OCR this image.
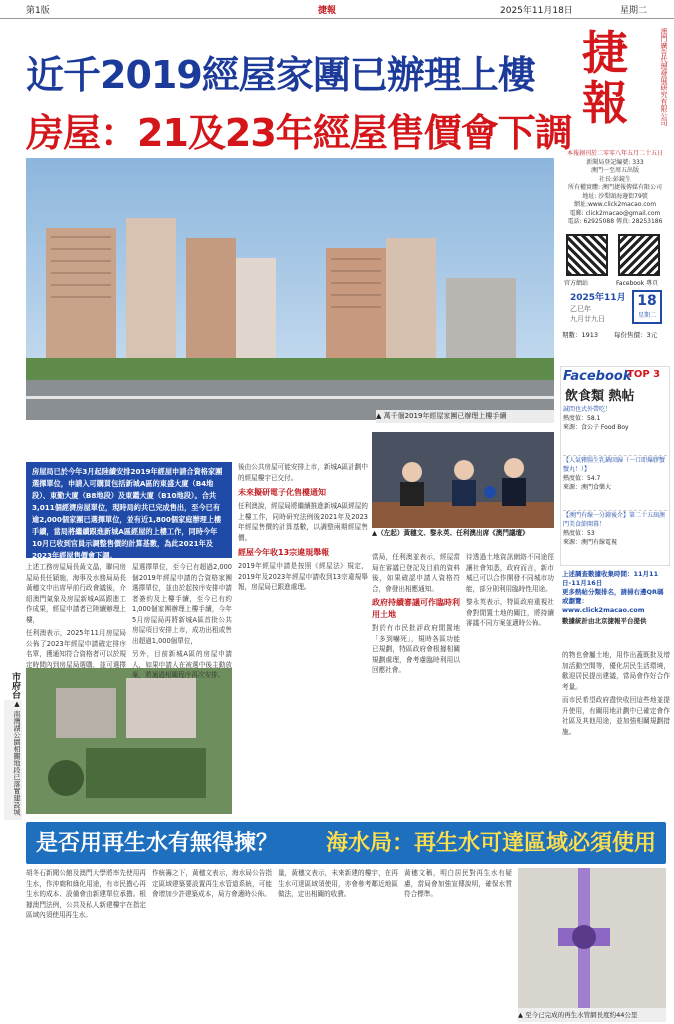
第1版	捷報	2025年11月18日	星期二
近千2019經屋家團已辦理上樓
房屋：21及23年經屋售價會下調
捷報	澳門廣告代理發展研究有限公司
本報創刊於二零零八年五月二十五日
新聞局登記編號: 333
澳門一至周五出版
社長:彭鏡生
所有權實體: 澳門捷報傳媒有限公司
地址: 沙梨頭海邊街79號
網址:www.click2macao.com
電郵: click2macao@gmail.com
電話: 62925088 傳真: 28253186
官方網站	Facebook 專頁
2025年11月
乙巳年
九月廿九日
18
星期二
期數：1913 每份售價：3元
▲ 萬千個2019年經屋家團已辦理上樓手續
房屋局已於今年3月起陸續安排2019年經屋申請合資格家團選擇單位，申請入可購買包括新城A區的東盛大廈（B4地段）、東勤大廈（B8地段）及東鑑大廈（B10地段）。合共3,011個經濟房屋單位，現時局約共已完成售出，至今已有逾2,000個家團已選擇單位，並有近1,800個家庭辦理上樓手續，當局將繼續跟進新城A區經屋的上樓工作，同時今年10月已收到官員示調整售價的計算基數，為此2021年及2023年經屋售價會下調。

上述工務房屋局長黃文晶，聯同房屋局長任穎施，海事及水務局局長黃穗文申出席早前行政會議後，介紹澳門氣象及房屋新城A區跟進工作成果，經屋申請者已陸續辦理上樓，

任利澳表示，2025年11月房屋局公佈了2023年經屋申請確定排序名單，獲通知符合資格者可以於規定時間內到房屋局選購，並可選擇

市府台
▲ 南灣湖公園相關地段已落實建設城

屋選擇單位，至今已有超過2,000個2019年經屋申請的合資格家團選擇單位，並由於起按序安排申請者簽約及上樓手續，至今已有約1,000個家團辦理上樓手續，今年5月房屋局再將新城A區首批公共房屋項目安排上市，成功出租或售出超過1,000個單位，

另外，目前新城A區的房屋申請人，如果申請人在被選中後主動放棄，將通過相關程序再次安排。

後由公共房屋可能安排上市，新城A區計劃中的經屋樓宇已交付。

未來擬研電子化售樓通知

任利澳說，經屋局將繼續推進新城A區經屋的上樓工作，同時研究法例後2021年及2023年經屋售價的計算基數，以調整兩期經屋售價。

經屋今年收13宗違規舉報

2019年經屋申請是按照《經屋法》規定，2019年及2023年經屋申請收到13宗違規舉報，房屋局已跟進處理。

▲（左起）黃穗文、黎永英、任利澳出席《澳門議壇》

當局，任利澳並表示，經屋當局在審議已登記及目前的資料後，如果確認申請人資格符合，會發出相應通知。

政府持續審議可作臨時利用土地

對於有市民批評政府閒置地「多到嚇死」，規時各區功能已規劃，特區政府會根據相關規劃處理，會考慮臨時利用以回應社會。

待透過土地資訊網絡不同途徑讓社會知悉，政府而言，新市城已可以合作開發不同城市功能，部分則利用臨時性用途。

黎永英表示，特區政府重視社會對閒置土地的關注，將持續審議不同方案並適時公佈。

Facebook
TOP 3
飲食類 熱帖
誠問也式外帶吃！
熱度值：58.1
來源：食公子 Food Boy
【人氣豬腸生乳鍋回歸（一口即爆膠蟹蟹丸！）】
熱度值：54.7
來源：澳門食樂大
【澳門有線一分鐘後介】第二十五屆澳門美食節開幕！
熱度值：53
來源：澳門有線電視
上述調查數據收集時間：11月11日-11月16日
更多熱帖分類排名，請掃右邊QR碼或瀏覽：
www.click2macao.com
數據統計由北京捷報平台提供

的物也會屬土地，用作出蓋既批及增加活動空間等，優化居民生活環境，歡迎居民提出建議，當局會作好合作考量。

而市民希望政府盡快收回這些地並提升使用，有關用地計劃中已確定會作社區及其他用途，並加強相關規劃措施。

是否用再生水有無得揀？ 海水局：再生水可達區域必須使用
胡冬石新聞公館及澳門大學將率先使用再生水，作沖廁和綠化用途，有市民擔心再生水的成本、設備會由新建單位承擔。根據澳門法例，公共及私人新建樓宇在指定區域內須使用再生水。
作統籌之下，黃穗文表示，海水局公告指定區域建築要設置再生水管道系統，可能會增加少許建築成本，局方會適時公佈。
量，黃穗文表示，未來新建的樓宇，在再生水可達區域須使用，亦會參考鄰近地區做法，定出相關的收費。
黃穗文稱，明白居民對再生水有疑慮，當局會加強宣傳說明，確保水質符合標準。
▲ 至今已完成的再生水管網長度約44公里
